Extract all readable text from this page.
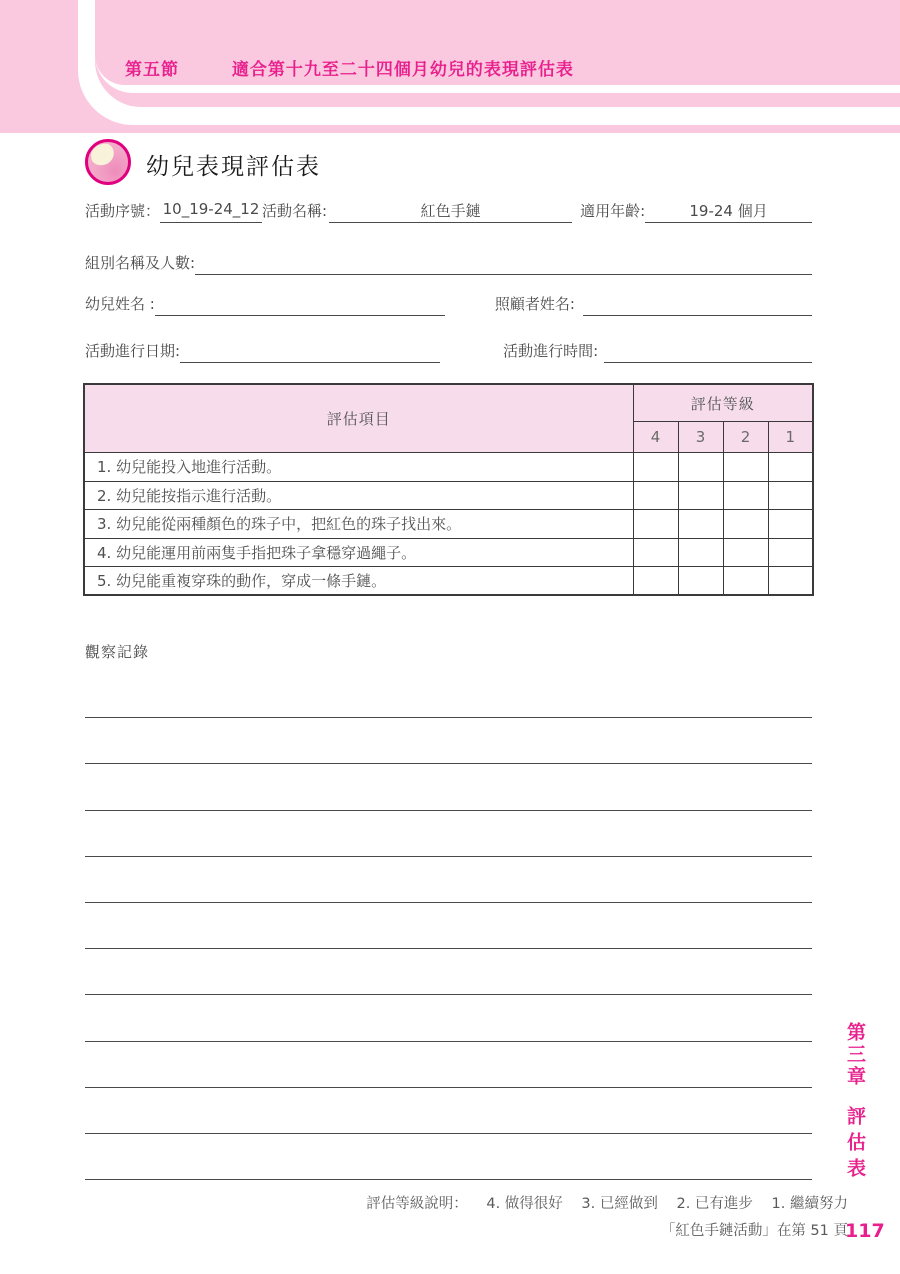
第五節	適合第十九至二十四個月幼兒的表現評估表
幼兒表現評估表
活動序號： 10_19-24_12 活動名稱:	紅色手鏈	適用年齡:	19-24 個月
組別名稱及人數:
幼兒姓名 :	照顧者姓名:
活動進行日期:	活動進行時間:
評估項目	評估等級			
	4	3	2	1
1. 幼兒能投入地進行活動。				
2. 幼兒能按指示進行活動。				
3. 幼兒能從兩種顏色的珠子中，把紅色的珠子找出來。				
4. 幼兒能運用前兩隻手指把珠子拿穩穿過繩子。				
5. 幼兒能重複穿珠的動作，穿成一條手鏈。				
觀察記錄
第三章評估表
評估等級說明： 4. 做得很好 3. 已經做到 2. 已有進步 1. 繼續努力
「紅色手鏈活動」在第 51 頁
117
